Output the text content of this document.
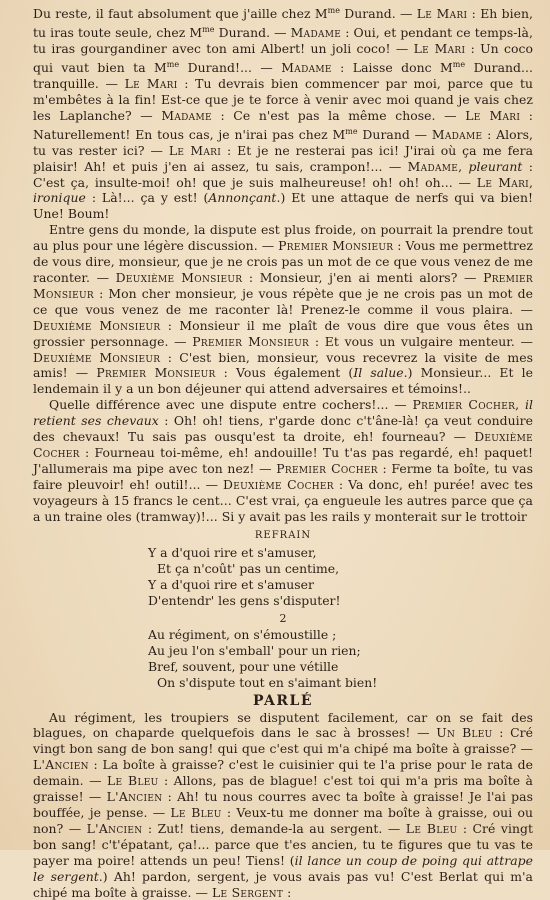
Du reste, il faut absolument que j'aille chez $M^{me}$ Durand. — Le Mari : Eh bien, tu iras toute seule, chez $M^{me}$ Durand. — Madame : Oui, et pendant ce temps-là, tu iras gourgandiner avec ton ami Albert! un joli coco! — Le Mari : Un coco qui vaut bien ta $M^{me}$ Durand!... — Madame : Laisse donc $M^{me}$ Durand... tranquille. — Le Mari : Tu devrais bien commencer par moi, parce que tu m'embêtes à la fin! Est-ce que je te force à venir avec moi quand je vais chez les Laplanche? — Madame : Ce n'est pas la même chose. — Le Mari : Naturellement! En tous cas, je n'irai pas chez $M^{me}$ Durand — Madame : Alors, tu vas rester ici? — Le Mari : Et je ne resterai pas ici! J'irai où ça me fera plaisir! Ah! et puis j'en ai assez, tu sais, crampon!... — Madame, pleurant : C'est ça, insulte-moi! oh! que je suis malheureuse! oh! oh! oh... — Le Mari, ironique : Là!... ça y est! (Annonçant.) Et une attaque de nerfs qui va bien! Une! Boum!

Entre gens du monde, la dispute est plus froide, on pourrait la prendre tout au plus pour une légère discussion. — Premier Monsieur : Vous me permettrez de vous dire, monsieur, que je ne crois pas un mot de ce que vous venez de me raconter. — Deuxième Monsieur : Monsieur, j'en ai menti alors? — Premier Monsieur : Mon cher monsieur, je vous répète que je ne crois pas un mot de ce que vous venez de me raconter là! Prenez-le comme il vous plaira. — Deuxième Monsieur : Monsieur il me plaît de vous dire que vous êtes un grossier personnage. — Premier Monsieur : Et vous un vulgaire menteur. — Deuxième Monsieur : C'est bien, monsieur, vous recevrez la visite de mes amis! — Premier Monsieur : Vous également (Il salue.) Monsieur... Et le lendemain il y a un bon déjeuner qui attend adversaires et témoins!..

Quelle différence avec une dispute entre cochers!... — Premier Cocher, il retient ses chevaux : Oh! oh! tiens, r'garde donc c't'âne-là! ça veut conduire des chevaux! Tu sais pas ousqu'est ta droite, eh! fourneau? — Deuxième Cocher : Fourneau toi-même, eh! andouille! Tu t'as pas regardé, eh! paquet! J'allumerais ma pipe avec ton nez! — Premier Cocher : Ferme ta boîte, tu vas faire pleuvoir! eh! outil!... — Deuxième Cocher : Va donc, eh! purée! avec tes voyageurs à 15 francs le cent... C'est vrai, ça engueule les autres parce que ça a un traine oles (tramway)!... Si y avait pas les rails y monterait sur le trottoir

REFRAIN

Y a d'quoi rire et s'amuser,

Et ça n'coût' pas un centime,

Y a d'quoi rire et s'amuser

D'entendr' les gens s'disputer!

2

Au régiment, on s'émoustille ;

Au jeu l'on s'emball' pour un rien;

Bref, souvent, pour une vétille

On s'dispute tout en s'aimant bien!

PARLÉ

Au régiment, les troupiers se disputent facilement, car on se fait des blagues, on chaparde quelquefois dans le sac à brosses! — Un Bleu : Cré vingt bon sang de bon sang! qui que c'est qui m'a chipé ma boîte à graisse? — L'Ancien : La boîte à graisse? c'est le cuisinier qui te l'a prise pour le rata de demain. — Le Bleu : Allons, pas de blague! c'est toi qui m'a pris ma boîte à graisse! — L'Ancien : Ah! tu nous courres avec ta boîte à graisse! Je l'ai pas bouffée, je pense. — Le Bleu : Veux-tu me donner ma boîte à graisse, oui ou non? — L'Ancien : Zut! tiens, demande-la au sergent. — Le Bleu : Cré vingt bon sang! c't'épatant, ça!... parce que t'es ancien, tu te figures que tu vas te payer ma poire! attends un peu! Tiens! (il lance un coup de poing qui attrape le sergent.) Ah! pardon, sergent, je vous avais pas vu! C'est Berlat qui m'a chipé ma boîte à graisse. — Le Sergent :
